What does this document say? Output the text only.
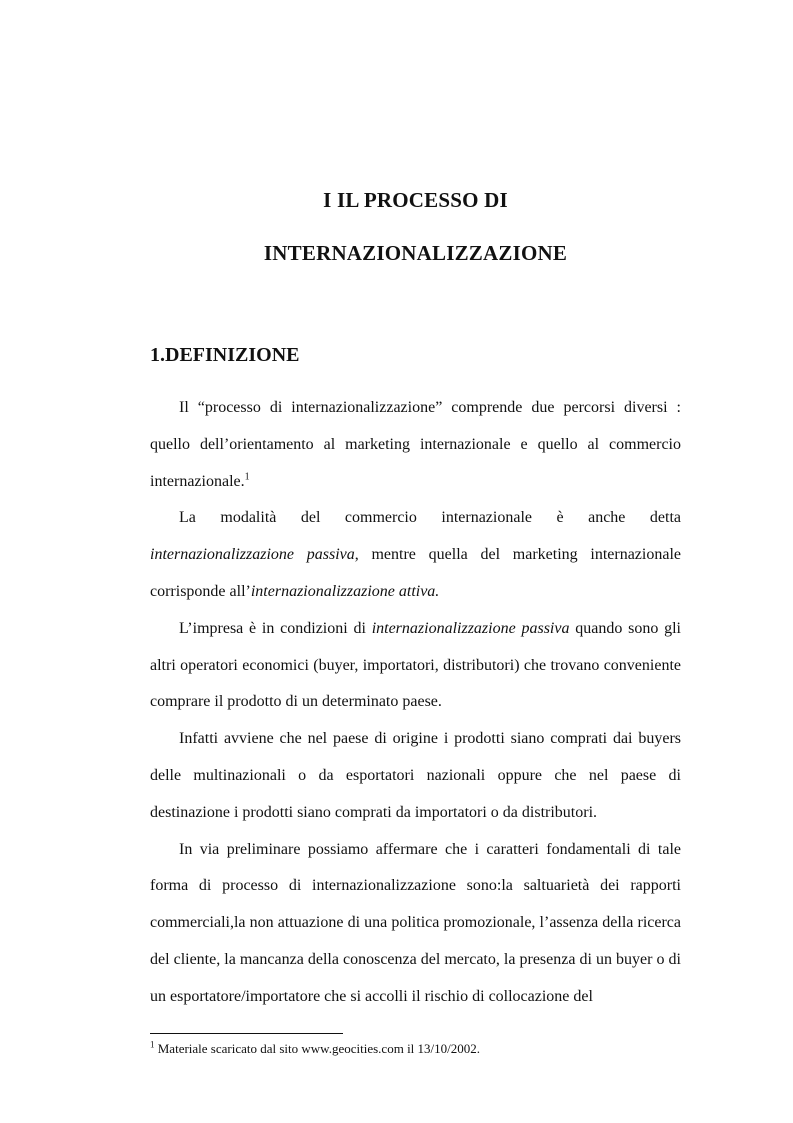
I IL PROCESSO DI
INTERNAZIONALIZZAZIONE
1.DEFINIZIONE

Il “processo di internazionalizzazione” comprende due percorsi diversi : quello dell’orientamento al marketing internazionale e quello al commercio internazionale.$^1$

La modalità del commercio internazionale è anche detta internazionalizzazione passiva, mentre quella del marketing internazionale corrisponde all’internazionalizzazione attiva.

L’impresa è in condizioni di internazionalizzazione passiva quando sono gli altri operatori economici (buyer, importatori, distributori) che trovano conveniente comprare il prodotto di un determinato paese.

Infatti avviene che nel paese di origine i prodotti siano comprati dai buyers delle multinazionali o da esportatori nazionali oppure che nel paese di destinazione i prodotti siano comprati da importatori o da distributori.

In via preliminare possiamo affermare che i caratteri fondamentali di tale forma di processo di internazionalizzazione sono:la saltuarietà dei rapporti commerciali,la non attuazione di una politica promozionale, l’assenza della ricerca del cliente, la mancanza della conoscenza del mercato, la presenza di un buyer o di un esportatore/importatore che si accolli il rischio di collocazione del

$^1$ Materiale scaricato dal sito www.geocities.com il 13/10/2002.
